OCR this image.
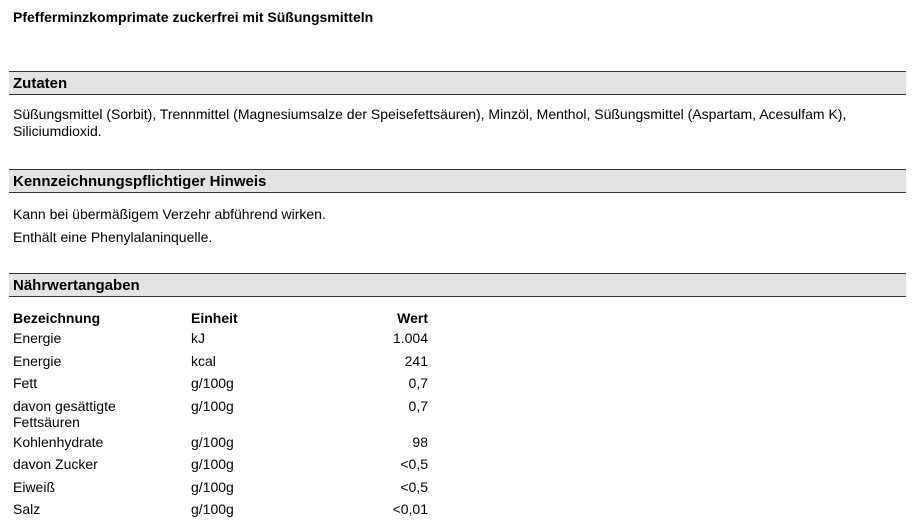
Pfefferminzkomprimate zuckerfrei mit Süßungsmitteln
Zutaten
Süßungsmittel (Sorbit), Trennmittel (Magnesiumsalze der Speisefettsäuren), Minzöl, Menthol, Süßungsmittel (Aspartam, Acesulfam K), Siliciumdioxid.
Kennzeichnungspflichtiger Hinweis
Kann bei übermäßigem Verzehr abführend wirken.
Enthält eine Phenylalaninquelle.
Nährwertangaben
Bezeichnung	Einheit	Wert
Energie	kJ	1.004
Energie	kcal	241
Fett	g/100g	0,7
davon gesättigte Fettsäuren	g/100g	0,7
Kohlenhydrate	g/100g	98
davon Zucker	g/100g	<0,5
Eiweiß	g/100g	<0,5
Salz	g/100g	<0,01
